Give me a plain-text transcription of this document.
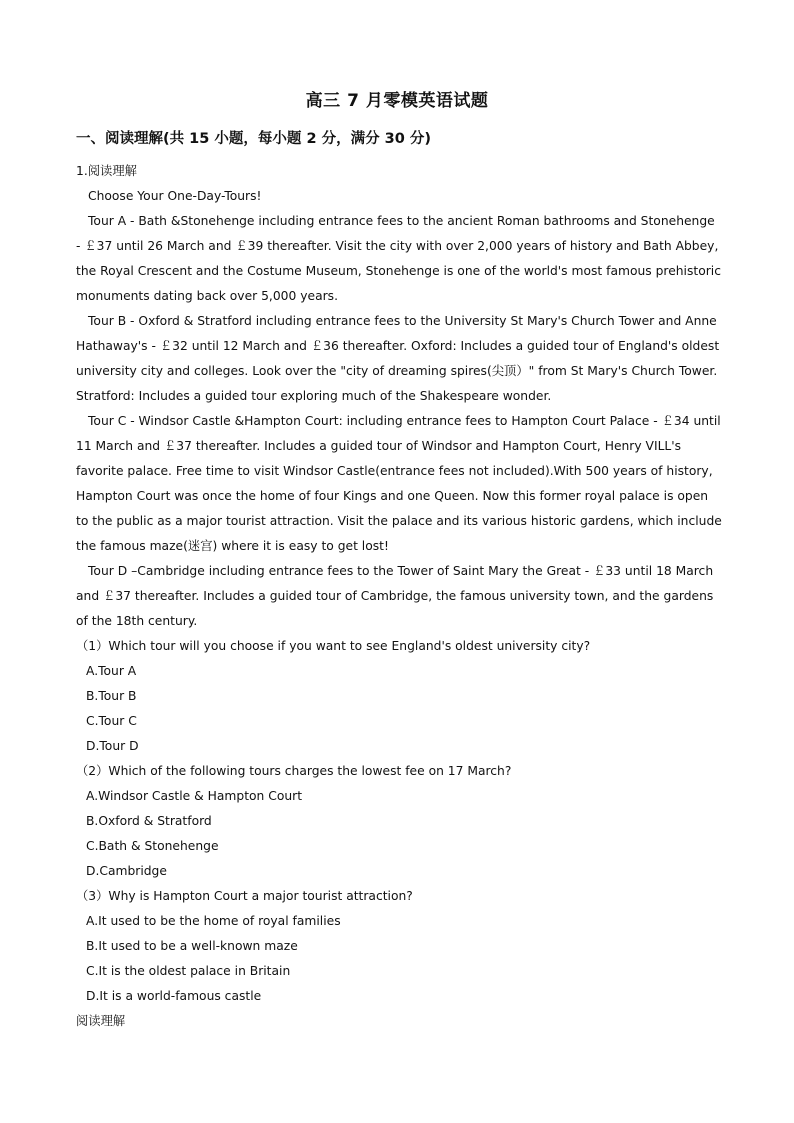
高三 7 月零模英语试题
一、阅读理解(共 15 小题，每小题 2 分，满分 30 分)

1.阅读理解

Choose Your One-Day-Tours!

Tour A - Bath &Stonehenge including entrance fees to the ancient Roman bathrooms and Stonehenge - ￡37 until 26 March and ￡39 thereafter. Visit the city with over 2,000 years of history and Bath Abbey, the Royal Crescent and the Costume Museum, Stonehenge is one of the world's most famous prehistoric monuments dating back over 5,000 years.

Tour B - Oxford & Stratford including entrance fees to the University St Mary's Church Tower and Anne Hathaway's - ￡32 until 12 March and ￡36 thereafter. Oxford: Includes a guided tour of England's oldest university city and colleges. Look over the "city of dreaming spires(尖顶）" from St Mary's Church Tower. Stratford: Includes a guided tour exploring much of the Shakespeare wonder.

Tour C - Windsor Castle &Hampton Court: including entrance fees to Hampton Court Palace - ￡34 until 11 March and ￡37 thereafter. Includes a guided tour of Windsor and Hampton Court, Henry VILL's favorite palace. Free time to visit Windsor Castle(entrance fees not included).With 500 years of history, Hampton Court was once the home of four Kings and one Queen. Now this former royal palace is open to the public as a major tourist attraction. Visit the palace and its various historic gardens, which include the famous maze(迷宫) where it is easy to get lost!

Tour D –Cambridge including entrance fees to the Tower of Saint Mary the Great - ￡33 until 18 March and ￡37 thereafter. Includes a guided tour of Cambridge, the famous university town, and the gardens of the 18th century.

（1）Which tour will you choose if you want to see England's oldest university city?

A.Tour A

B.Tour B

C.Tour C

D.Tour D

（2）Which of the following tours charges the lowest fee on 17 March?

A.Windsor Castle & Hampton Court

B.Oxford & Stratford

C.Bath & Stonehenge

D.Cambridge

（3）Why is Hampton Court a major tourist attraction?

A.It used to be the home of royal families

B.It used to be a well-known maze

C.It is the oldest palace in Britain

D.It is a world-famous castle

阅读理解
